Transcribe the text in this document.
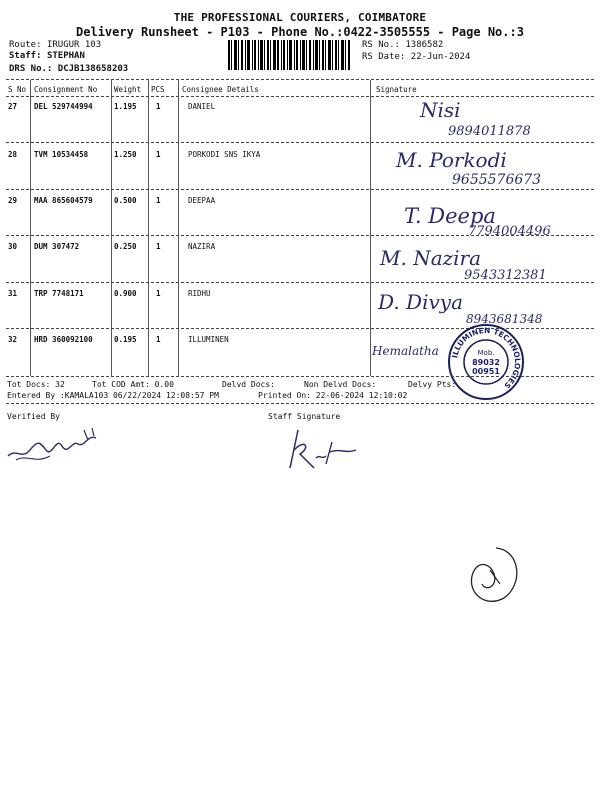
THE PROFESSIONAL COURIERS, COIMBATORE
Delivery Runsheet - P103 - Phone No.:0422-3505555 - Page No.:3
Route: IRUGUR 103
Staff: STEPHAN
DRS No.: DCJB138658203
RS No.: 1386582
RS Date: 22-Jun-2024
S No Consignment No Weight PCS Consignee Details	Signature
27 DEL 529744994	1.195	1	DANIEL	Nisi
9894011878
28 TVM 10534458	1.250	1	PORKODI SNS IKYA	M. Porkodi
9655576673
29 MAA 865604579	0.500	1	DEEPAA
T. Deepa
7794004496
30 DUM 307472	0.250	1	NAZIRA	M. Nazira
9543312381
31 TRP 7748171	0.900	1	RIDHU	D. Divya
8943681348
32 HRD 360092100	0.195	1	ILLUMINEN
Hemalatha ILLUMINEN TECHNOLOGIES
Mob.
89032
00951
Tot Docs: 32	Tot COD Amt: 0.00	Delvd Docs:	Non Delvd Docs:	Delvy Pts:
Entered By :KAMALA103 06/22/2024 12:08:57 PM	Printed On: 22-06-2024 12:10:02
Verified By	Staff Signature
